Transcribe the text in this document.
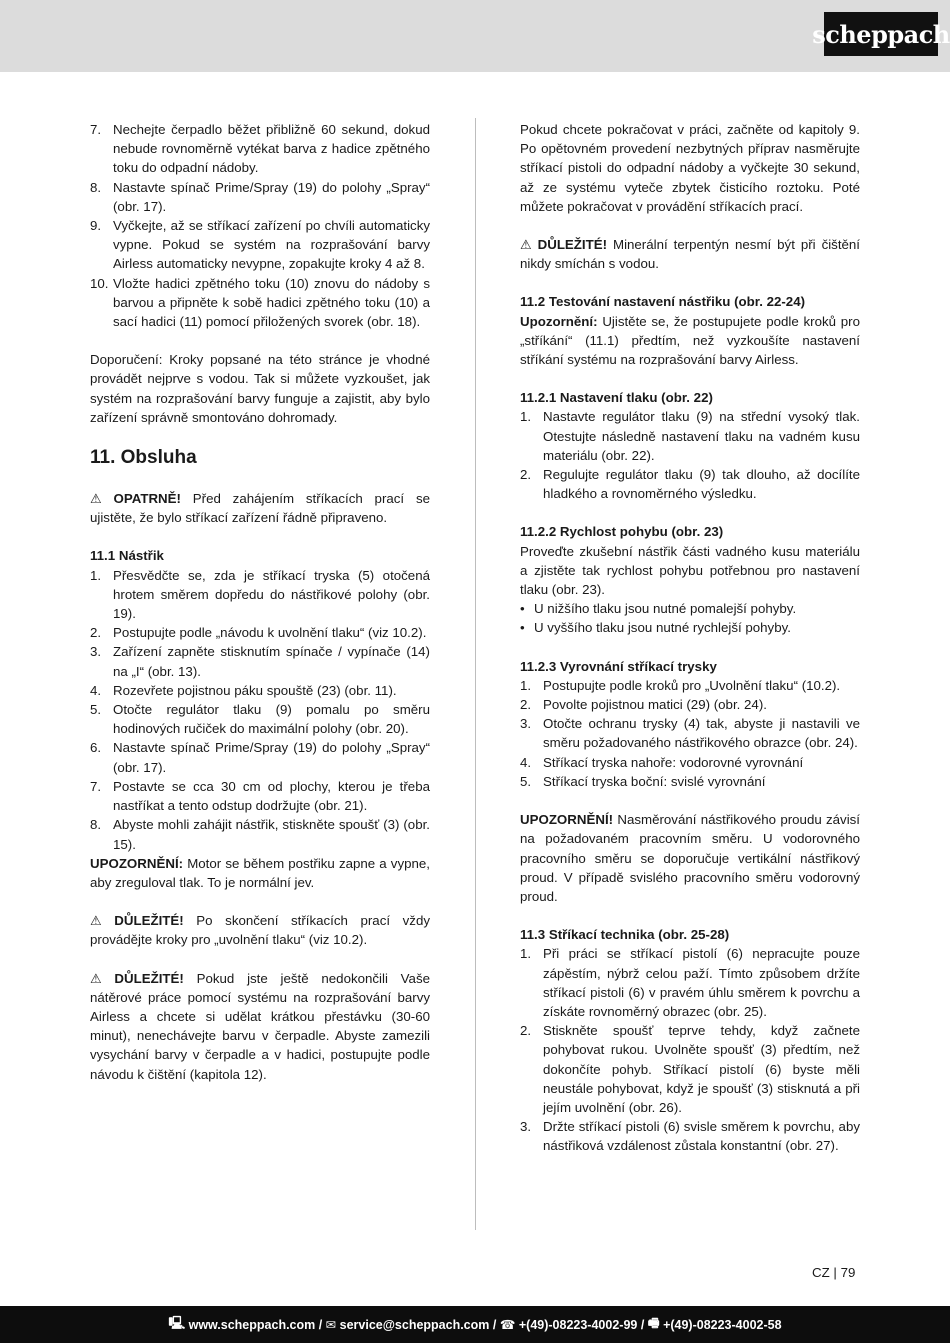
scheppach
7. Nechejte čerpadlo běžet přibližně 60 sekund, dokud nebude rovnoměrně vytékat barva z hadice zpětného toku do odpadní nádoby.
8. Nastavte spínač Prime/Spray (19) do polohy „Spray“ (obr. 17).
9. Vyčkejte, až se stříkací zařízení po chvíli automaticky vypne. Pokud se systém na rozprašování barvy Airless automaticky nevypne, zopakujte kroky 4 až 8.
10. Vložte hadici zpětného toku (10) znovu do nádoby s barvou a připněte k sobě hadici zpětného toku (10) a sací hadici (11) pomocí přiložených svorek (obr. 18).

Doporučení: Kroky popsané na této stránce je vhodné provádět nejprve s vodou. Tak si můžete vyzkoušet, jak systém na rozprašování barvy funguje a zajistit, aby bylo zařízení správně smontováno dohromady.

11. Obsluha

⚠ OPATRNĚ! Před zahájením stříkacích prací se ujistěte, že bylo stříkací zařízení řádně připraveno.

11.1 Nástřik
1. Přesvědčte se, zda je stříkací tryska (5) otočená hrotem směrem dopředu do nástřikové polohy (obr. 19).
2. Postupujte podle „návodu k uvolnění tlaku“ (viz 10.2).
3. Zařízení zapněte stisknutím spínače / vypínače (14) na „I“ (obr. 13).
4. Rozevřete pojistnou páku spouště (23) (obr. 11).
5. Otočte regulátor tlaku (9) pomalu po směru hodinových ručiček do maximální polohy (obr. 20).
6. Nastavte spínač Prime/Spray (19) do polohy „Spray“ (obr. 17).
7. Postavte se cca 30 cm od plochy, kterou je třeba nastříkat a tento odstup dodržujte (obr. 21).
8. Abyste mohli zahájit nástřik, stiskněte spoušť (3) (obr. 15).

UPOZORNĚNÍ: Motor se během postřiku zapne a vypne, aby zreguloval tlak. To je normální jev.

⚠ DŮLEŽITÉ! Po skončení stříkacích prací vždy provádějte kroky pro „uvolnění tlaku“ (viz 10.2).

⚠ DŮLEŽITÉ! Pokud jste ještě nedokončili Vaše nátěrové práce pomocí systému na rozprašování barvy Airless a chcete si udělat krátkou přestávku (30-60 minut), nenechávejte barvu v čerpadle. Abyste zamezili vysychání barvy v čerpadle a v hadici, postupujte podle návodu k čištění (kapitola 12).

Pokud chcete pokračovat v práci, začněte od kapitoly 9. Po opětovném provedení nezbytných příprav nasměrujte stříkací pistoli do odpadní nádoby a vyčkejte 30 sekund, až ze systému vyteče zbytek čisticího roztoku. Poté můžete pokračovat v provádění stříkacích prací.

⚠ DŮLEŽITÉ! Minerální terpentýn nesmí být při čištění nikdy smíchán s vodou.

11.2 Testování nastavení nástřiku (obr. 22-24)

Upozornění: Ujistěte se, že postupujete podle kroků pro „stříkání“ (11.1) předtím, než vyzkoušíte nastavení stříkání systému na rozprašování barvy Airless.

11.2.1 Nastavení tlaku (obr. 22)
1. Nastavte regulátor tlaku (9) na střední vysoký tlak. Otestujte následně nastavení tlaku na vadném kusu materiálu (obr. 22).
2. Regulujte regulátor tlaku (9) tak dlouho, až docílíte hladkého a rovnoměrného výsledku.
11.2.2 Rychlost pohybu (obr. 23)

Proveďte zkušební nástřik části vadného kusu materiálu a zjistěte tak rychlost pohybu potřebnou pro nastavení tlaku (obr. 23).

• U nižšího tlaku jsou nutné pomalejší pohyby.
• U vyššího tlaku jsou nutné rychlejší pohyby.
11.2.3 Vyrovnání stříkací trysky
1. Postupujte podle kroků pro „Uvolnění tlaku“ (10.2).
2. Povolte pojistnou matici (29) (obr. 24).
3. Otočte ochranu trysky (4) tak, abyste ji nastavili ve směru požadovaného nástřikového obrazce (obr. 24).
4. Stříkací tryska nahoře: vodorovné vyrovnání
5. Stříkací tryska boční: svislé vyrovnání

UPOZORNĚNÍ! Nasměrování nástřikového proudu závisí na požadovaném pracovním směru. U vodorovného pracovního směru se doporučuje vertikální nástřikový proud. V případě svislého pracovního směru vodorovný proud.

11.3 Stříkací technika (obr. 25-28)
1. Při práci se stříkací pistolí (6) nepracujte pouze zápěstím, nýbrž celou paží. Tímto způsobem držíte stříkací pistoli (6) v pravém úhlu směrem k povrchu a získáte rovnoměrný obrazec (obr. 25).
2. Stiskněte spoušť teprve tehdy, když začnete pohybovat rukou. Uvolněte spoušť (3) předtím, než dokončíte pohyb. Stříkací pistolí (6) byste měli neustále pohybovat, když je spoušť (3) stisknutá a při jejím uvolnění (obr. 26).
3. Držte stříkací pistoli (6) svisle směrem k povrchu, aby nástřiková vzdálenost zůstala konstantní (obr. 27).
CZ | 79
🖳 www.scheppach.com / ✉ service@scheppach.com / ☎ +(49)-08223-4002-99 / 🖷 +(49)-08223-4002-58
